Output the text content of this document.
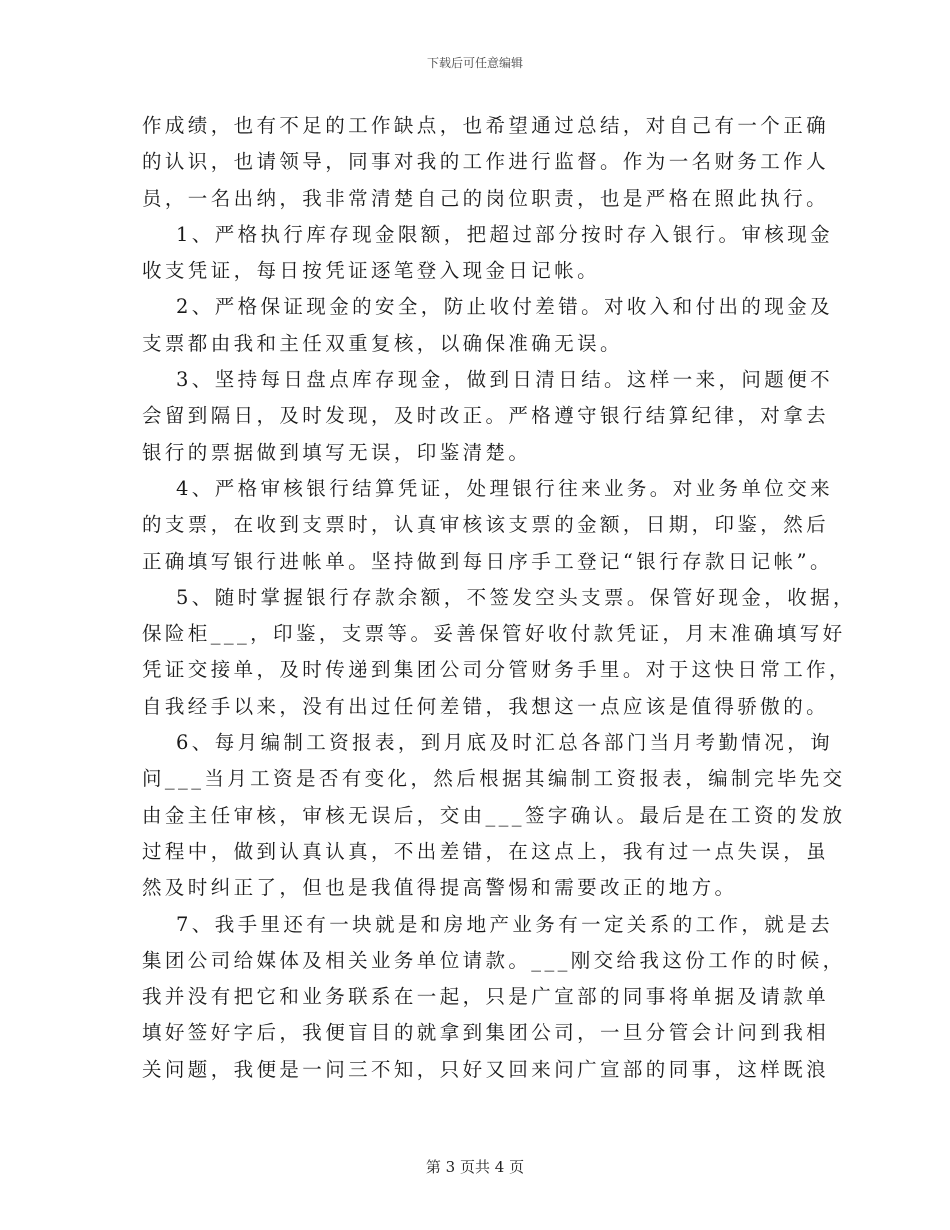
下载后可任意编辑
作成绩，也有不足的工作缺点，也希望通过总结，对自己有一个正确
的认识，也请领导，同事对我的工作进行监督。作为一名财务工作人
员，一名出纳，我非常清楚自己的岗位职责，也是严格在照此执行。
1、严格执行库存现金限额，把超过部分按时存入银行。审核现金
收支凭证，每日按凭证逐笔登入现金日记帐。
2、严格保证现金的安全，防止收付差错。对收入和付出的现金及
支票都由我和主任双重复核，以确保准确无误。
3、坚持每日盘点库存现金，做到日清日结。这样一来，问题便不
会留到隔日，及时发现，及时改正。严格遵守银行结算纪律，对拿去
银行的票据做到填写无误，印鉴清楚。
4、严格审核银行结算凭证，处理银行往来业务。对业务单位交来
的支票，在收到支票时，认真审核该支票的金额，日期，印鉴，然后
正确填写银行进帐单。坚持做到每日序手工登记“银行存款日记帐”。
5、随时掌握银行存款余额，不签发空头支票。保管好现金，收据，
保险柜___，印鉴，支票等。妥善保管好收付款凭证，月末准确填写好
凭证交接单，及时传递到集团公司分管财务手里。对于这快日常工作，
自我经手以来，没有出过任何差错，我想这一点应该是值得骄傲的。
6、每月编制工资报表，到月底及时汇总各部门当月考勤情况，询
问___当月工资是否有变化，然后根据其编制工资报表，编制完毕先交
由金主任审核，审核无误后，交由___签字确认。最后是在工资的发放
过程中，做到认真认真，不出差错，在这点上，我有过一点失误，虽
然及时纠正了，但也是我值得提高警惕和需要改正的地方。
7、我手里还有一块就是和房地产业务有一定关系的工作，就是去
集团公司给媒体及相关业务单位请款。___刚交给我这份工作的时候，
我并没有把它和业务联系在一起，只是广宣部的同事将单据及请款单
填好签好字后，我便盲目的就拿到集团公司，一旦分管会计问到我相
关问题，我便是一问三不知，只好又回来问广宣部的同事，这样既浪
第 3 页共 4 页
